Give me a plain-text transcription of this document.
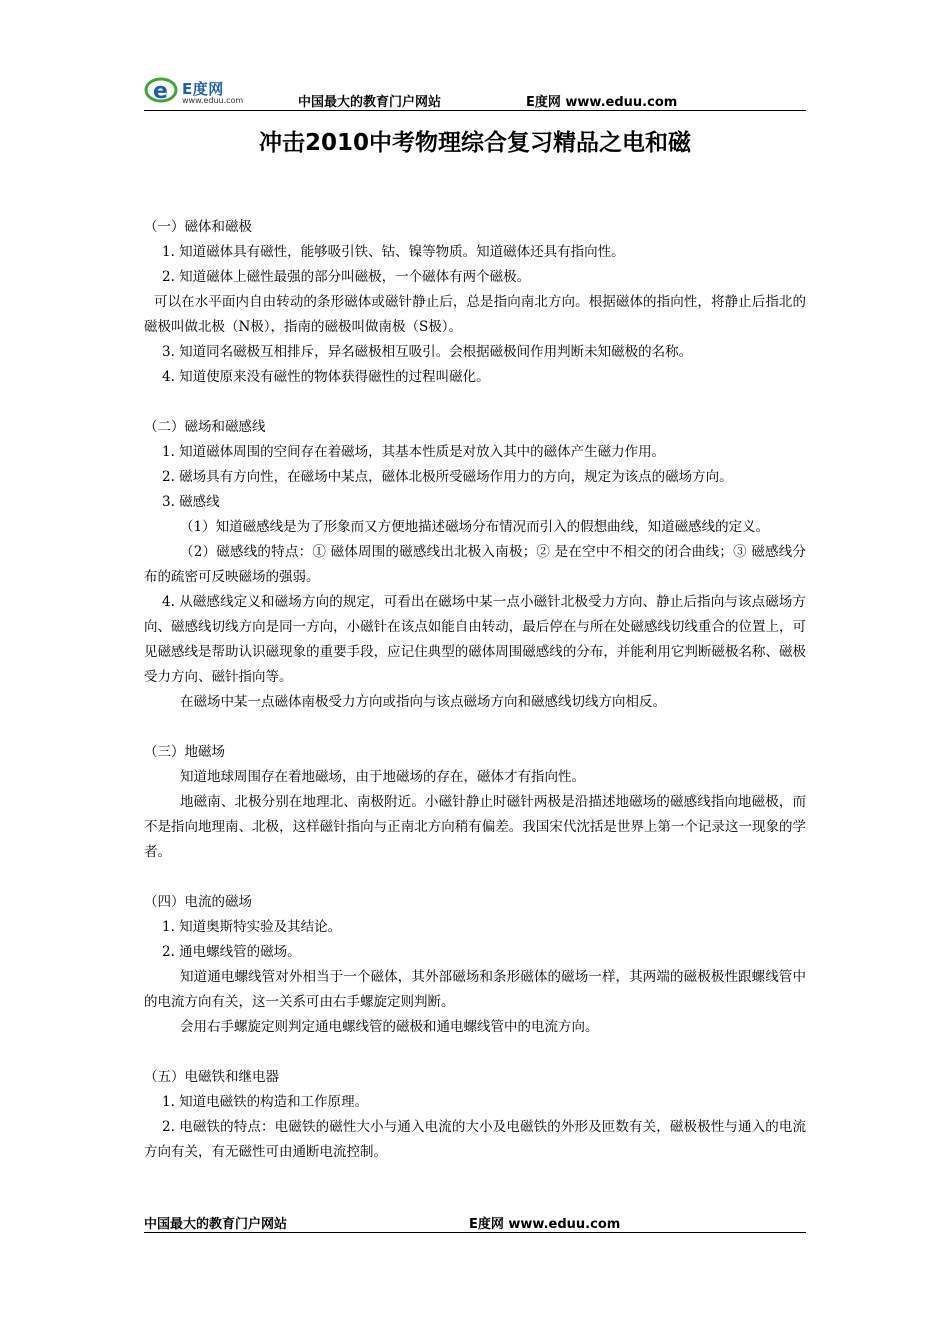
e E度网
www.eduu.com	中国最大的教育门户网站	E度网 www.eduu.com
冲击2010中考物理综合复习精品之电和磁

（一）磁体和磁极

1. 知道磁体具有磁性，能够吸引铁、钴、镍等物质。知道磁体还具有指向性。

2. 知道磁体上磁性最强的部分叫磁极，一个磁体有两个磁极。

可以在水平面内自由转动的条形磁体或磁针静止后，总是指向南北方向。根据磁体的指向性，将静止后指北的磁极叫做北极（N极），指南的磁极叫做南极（S极）。

3. 知道同名磁极互相排斥，异名磁极相互吸引。会根据磁极间作用判断未知磁极的名称。

4. 知道使原来没有磁性的物体获得磁性的过程叫磁化。

（二）磁场和磁感线

1. 知道磁体周围的空间存在着磁场，其基本性质是对放入其中的磁体产生磁力作用。

2. 磁场具有方向性，在磁场中某点，磁体北极所受磁场作用力的方向，规定为该点的磁场方向。

3. 磁感线

（1）知道磁感线是为了形象而又方便地描述磁场分布情况而引入的假想曲线，知道磁感线的定义。

（2）磁感线的特点：① 磁体周围的磁感线出北极入南极；② 是在空中不相交的闭合曲线；③ 磁感线分布的疏密可反映磁场的强弱。

4. 从磁感线定义和磁场方向的规定，可看出在磁场中某一点小磁针北极受力方向、静止后指向与该点磁场方向、磁感线切线方向是同一方向，小磁针在该点如能自由转动，最后停在与所在处磁感线切线重合的位置上，可见磁感线是帮助认识磁现象的重要手段，应记住典型的磁体周围磁感线的分布，并能利用它判断磁极名称、磁极受力方向、磁针指向等。

在磁场中某一点磁体南极受力方向或指向与该点磁场方向和磁感线切线方向相反。

（三）地磁场

知道地球周围存在着地磁场，由于地磁场的存在，磁体才有指向性。

地磁南、北极分别在地理北、南极附近。小磁针静止时磁针两极是沿描述地磁场的磁感线指向地磁极，而不是指向地理南、北极，这样磁针指向与正南北方向稍有偏差。我国宋代沈括是世界上第一个记录这一现象的学者。

（四）电流的磁场

1. 知道奥斯特实验及其结论。

2. 通电螺线管的磁场。

知道通电螺线管对外相当于一个磁体，其外部磁场和条形磁体的磁场一样，其两端的磁极极性跟螺线管中的电流方向有关，这一关系可由右手螺旋定则判断。

会用右手螺旋定则判定通电螺线管的磁极和通电螺线管中的电流方向。

（五）电磁铁和继电器

1. 知道电磁铁的构造和工作原理。

2. 电磁铁的特点：电磁铁的磁性大小与通入电流的大小及电磁铁的外形及匝数有关，磁极极性与通入的电流方向有关，有无磁性可由通断电流控制。

中国最大的教育门户网站	E度网 www.eduu.com
